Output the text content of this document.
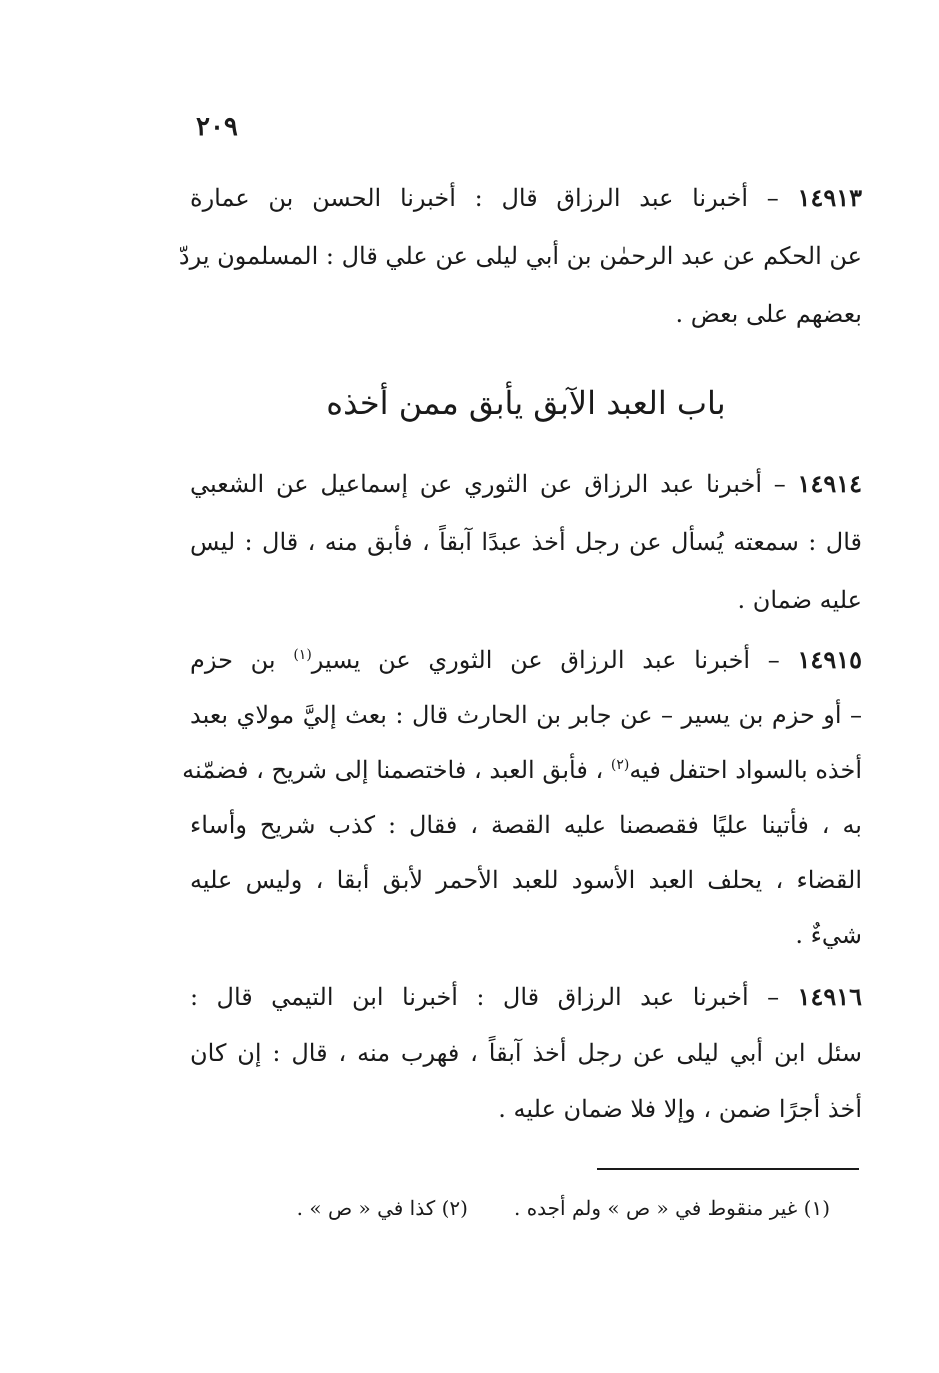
٢٠٩
١٤٩١٣ – أخبرنا عبد الرزاق قال : أخبرنا الحسن بن عمارة
عن الحكم عن عبد الرحمٰن بن أبي ليلى عن علي قال : المسلمون يردّ
بعضهم على بعض .
باب العبد الآبق يأبق ممن أخذه
١٤٩١٤ – أخبرنا عبد الرزاق عن الثوري عن إسماعيل عن الشعبي
قال : سمعته يُسأل عن رجل أخذ عبدًا آبقاً ، فأبق منه ، قال : ليس
عليه ضمان .
١٤٩١٥ – أخبرنا عبد الرزاق عن الثوري عن يسير$^{(١)}$ بن حزم
– أو حزم بن يسير – عن جابر بن الحارث قال : بعث إليَّ مولاي بعبد
أخذه بالسواد احتفل فيه$^{(٢)}$ ، فأبق العبد ، فاختصمنا إلى شريح ، فضمّنه
به ، فأتينا عليًا فقصصنا عليه القصة ، فقال : كذب شريح وأساء
القضاء ، يحلف العبد الأسود للعبد الأحمر لأبق أبقا ، وليس عليه
شيءٌ .
١٤٩١٦ – أخبرنا عبد الرزاق قال : أخبرنا ابن التيمي قال :
سئل ابن أبي ليلى عن رجل أخذ آبقاً ، فهرب منه ، قال : إن كان
أخذ أجرًا ضمن ، وإلا فلا ضمان عليه .
(١) غير منقوط في « ص » ولم أجده .(٢) كذا في « ص » .
